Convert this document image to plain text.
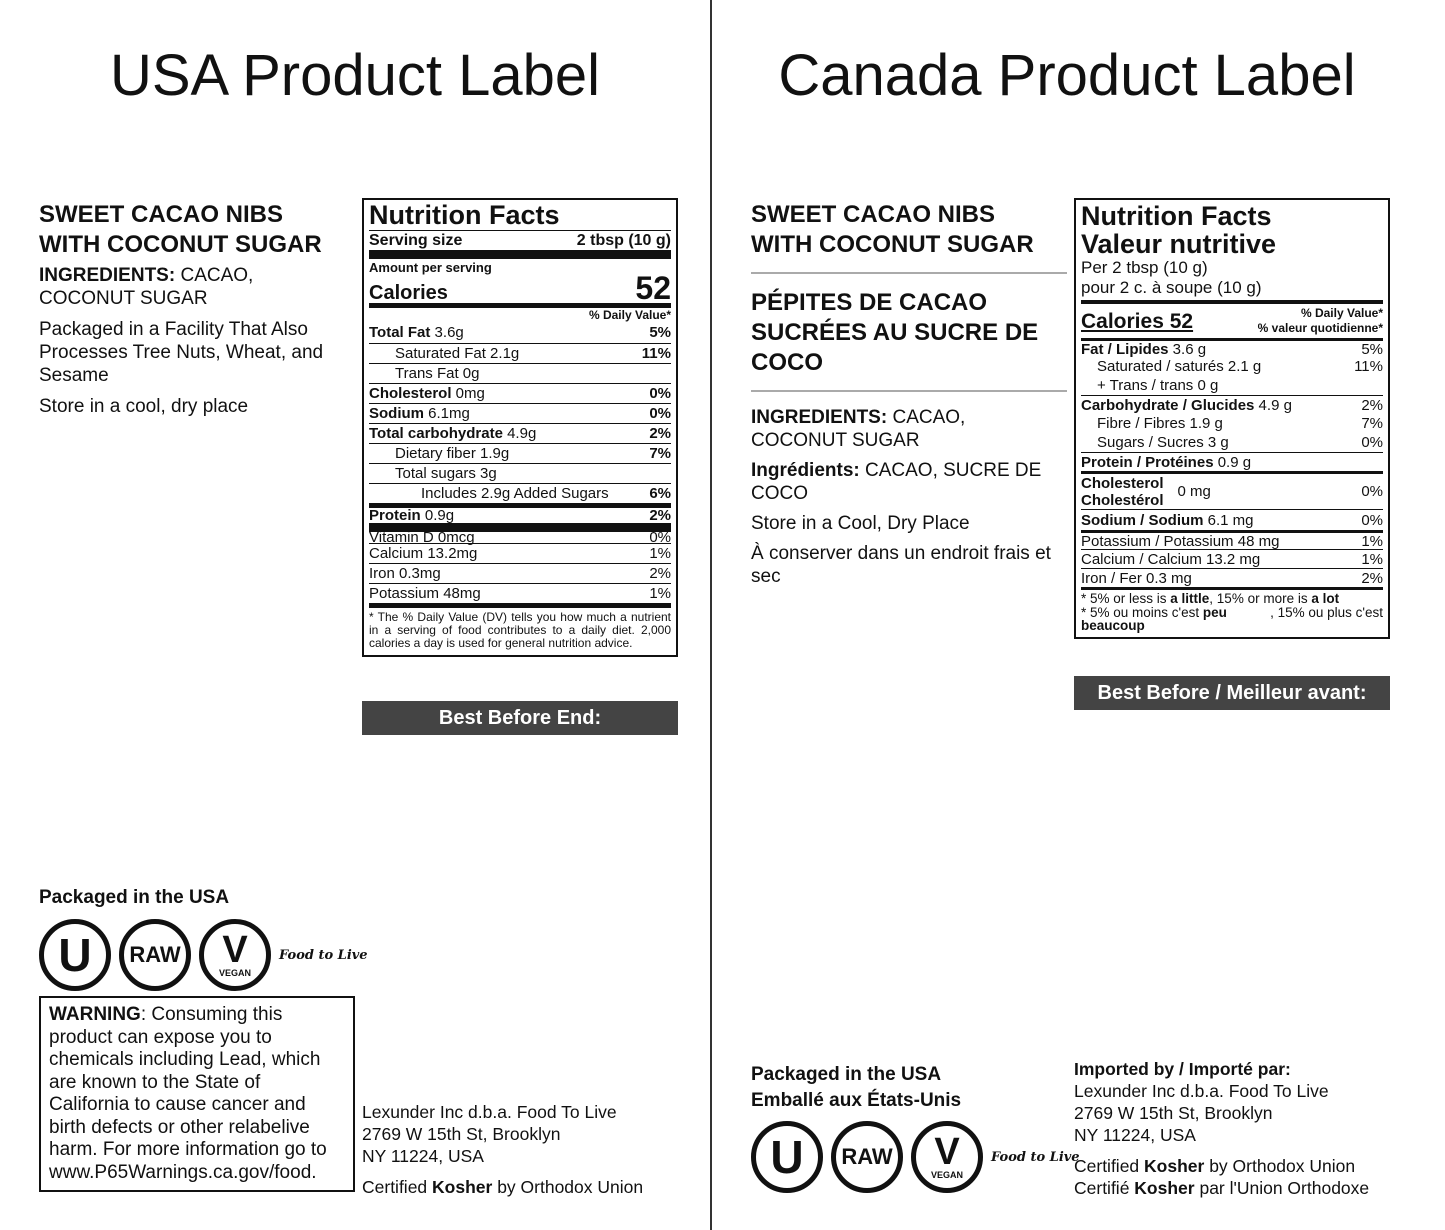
USA Product Label
SWEET CACAO NIBS
WITH COCONUT SUGAR
INGREDIENTS: CACAO,
COCONUT SUGAR
Packaged in a Facility That Also
Processes Tree Nuts, Wheat, and
Sesame
Store in a cool, dry place
Nutrition Facts
Serving size	2 tbsp (10 g)
Amount per serving
Calories	52
% Daily Value*
Total Fat 3.6g	5%
Saturated Fat 2.1g	11%
Trans Fat 0g
Cholesterol 0mg	0%
Sodium 6.1mg	0%
Total carbohydrate 4.9g	2%
Dietary fiber 1.9g	7%
Total sugars 3g
Includes 2.9g Added Sugars	6%
Protein 0.9g	2%
Vitamin D 0mcg	0%
Calcium 13.2mg	1%
Iron 0.3mg	2%
Potassium 48mg	1%
* The % Daily Value (DV) tells you how much a nutrient in a serving of food contributes to a daily diet. 2,000 calories a day is used for general nutrition advice.
Best Before End:
Packaged in the USA
U	RAW V
VEGAN
Food to Live
WARNING: Consuming this
product can expose you to
chemicals including Lead, which
are known to the State of
California to cause cancer and
birth defects or other relabelive
harm. For more information go to
www.P65Warnings.ca.gov/food.
Lexunder Inc d.b.a. Food To Live
2769 W 15th St, Brooklyn
NY 11224, USA
Certified Kosher by Orthodox Union
Canada Product Label
SWEET CACAO NIBS
WITH COCONUT SUGAR
PÉPITES DE CACAO
SUCRÉES AU SUCRE DE
COCO
INGREDIENTS: CACAO,
COCONUT SUGAR
Ingrédients: CACAO, SUCRE DE
COCO
Store in a Cool, Dry Place
À conserver dans un endroit frais et
sec
Nutrition Facts
Valeur nutritive
Per 2 tbsp (10 g)
pour 2 c. à soupe (10 g)
Calories 52	% Daily Value*
% valeur quotidienne*
Fat / Lipides 3.6 g	5%
Saturated / saturés 2.1 g	11%
+ Trans / trans 0 g
Carbohydrate / Glucides 4.9 g	2%
Fibre / Fibres 1.9 g	7%
Sugars / Sucres 3 g	0%
Protein / Protéines 0.9 g
Cholesterol
Cholestérol 0 mg	0%
Sodium / Sodium 6.1 mg	0%
Potassium / Potassium 48 mg	1%
Calcium / Calcium 13.2 mg	1%
Iron / Fer 0.3 mg	2%
* 5% or less is a little, 15% or more is a lot
* 5% ou moins c'est peu	, 15% ou plus c'est
beaucoup
Best Before / Meilleur avant:
Packaged in the USA
Emballé aux États-Unis
U	RAW V
VEGAN
Food to Live
Imported by / Importé par:
Lexunder Inc d.b.a. Food To Live
2769 W 15th St, Brooklyn
NY 11224, USA
Certified Kosher by Orthodox Union
Certifié Kosher par l'Union Orthodoxe
